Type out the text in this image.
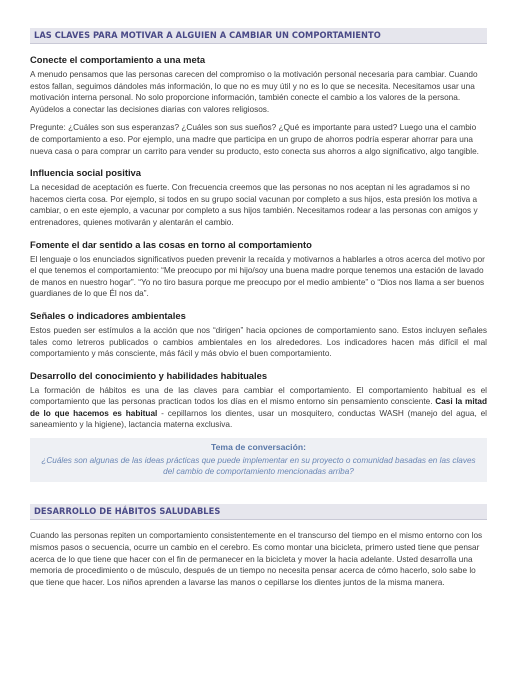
LAS CLAVES PARA MOTIVAR A ALGUIEN A CAMBIAR UN COMPORTAMIENTO
Conecte el comportamiento a una meta

A menudo pensamos que las personas carecen del compromiso o la motivación personal necesaria para cambiar. Cuando estos fallan, seguimos dándoles más información, lo que no es muy útil y no es lo que se necesita. Necesitamos usar una motivación interna personal. No solo proporcione información, también conecte el cambio a los valores de la persona. Ayúdelos a conectar las decisiones diarias con valores religiosos.

Pregunte: ¿Cuáles son sus esperanzas? ¿Cuáles son sus sueños? ¿Qué es importante para usted? Luego una el cambio de comportamiento a eso. Por ejemplo, una madre que participa en un grupo de ahorros podría esperar ahorrar para una nueva casa o para comprar un carrito para vender su producto, esto conecta sus ahorros a algo significativo, algo tangible.

Influencia social positiva

La necesidad de aceptación es fuerte. Con frecuencia creemos que las personas no nos aceptan ni les agradamos si no hacemos cierta cosa. Por ejemplo, si todos en su grupo social vacunan por completo a sus hijos, esta presión los motiva a cambiar, o en este ejemplo, a vacunar por completo a sus hijos también. Necesitamos rodear a las personas con amigos y entrenadores, quienes motivarán y alentarán el cambio.

Fomente el dar sentido a las cosas en torno al comportamiento

El lenguaje o los enunciados significativos pueden prevenir la recaída y motivarnos a hablarles a otros acerca del motivo por el que tenemos el comportamiento: “Me preocupo por mi hijo/soy una buena madre porque tenemos una estación de lavado de manos en nuestro hogar”. “Yo no tiro basura porque me preocupo por el medio ambiente” o “Dios nos llama a ser buenos guardianes de lo que Él nos da”.

Señales o indicadores ambientales

Estos pueden ser estímulos a la acción que nos “dirigen” hacia opciones de comportamiento sano. Estos incluyen señales tales como letreros publicados o cambios ambientales en los alrededores. Los indicadores hacen más difícil el mal comportamiento y más consciente, más fácil y más obvio el buen comportamiento.

Desarrollo del conocimiento y habilidades habituales

La formación de hábitos es una de las claves para cambiar el comportamiento. El comportamiento habitual es el comportamiento que las personas practican todos los días en el mismo entorno sin pensamiento consciente. Casi la mitad de lo que hacemos es habitual - cepillarnos los dientes, usar un mosquitero, conductas WASH (manejo del agua, el saneamiento y la higiene), lactancia materna exclusiva.

Tema de conversación:
¿Cuáles son algunas de las ideas prácticas que puede implementar en su proyecto o comunidad basadas en las claves del cambio de comportamiento mencionadas arriba?
DESARROLLO DE HÁBITOS SALUDABLES

Cuando las personas repiten un comportamiento consistentemente en el transcurso del tiempo en el mismo entorno con los mismos pasos o secuencia, ocurre un cambio en el cerebro. Es como montar una bicicleta, primero usted tiene que pensar acerca de lo que tiene que hacer con el fin de permanecer en la bicicleta y mover la hacia adelante. Usted desarrolla una memoria de procedimiento o de músculo, después de un tiempo no necesita pensar acerca de cómo hacerlo, solo sabe lo que tiene que hacer. Los niños aprenden a lavarse las manos o cepillarse los dientes juntos de la misma manera.
